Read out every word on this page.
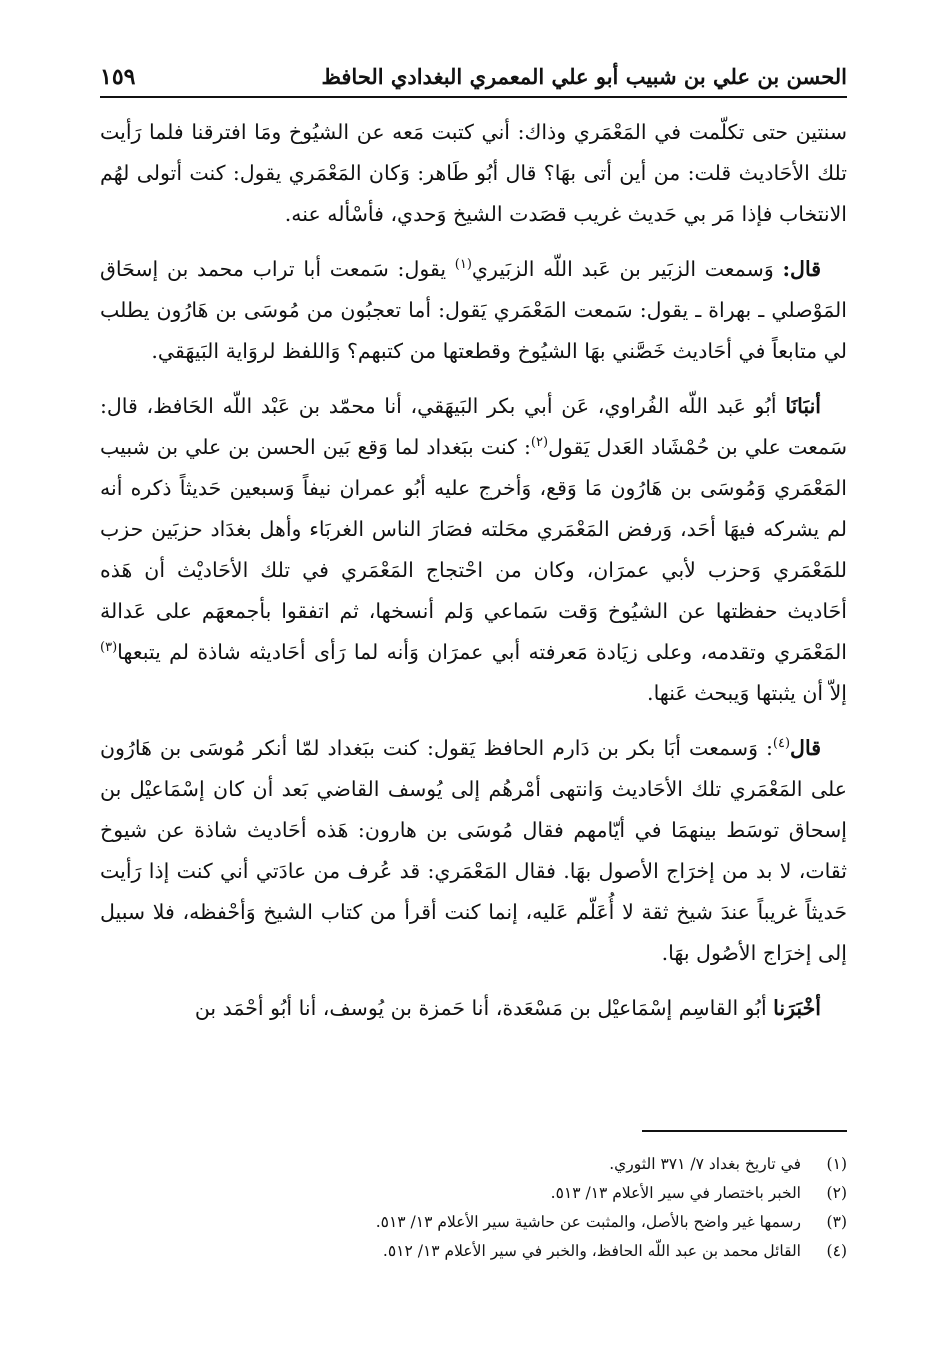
الحسن بن علي بن شبيب أبو علي المعمري البغدادي الحافظ
١٥٩

سنتين حتى تكلّمت في المَعْمَري وذاك: أني كتبت مَعه عن الشيُوخ ومَا افترقنا فلما رَأيت تلك الأحَاديث قلت: من أين أتى بهَا؟ قال أبُو طَاهر: وَكان المَعْمَري يقول: كنت أتولى لهُم الانتخاب فإذا مَر بي حَديث غريب قصَدت الشيخ وَحدي، فأسْأله عنه.

قال: وَسمعت الزبَير بن عَبد اللّه الزبَيري$^{(١)}$ يقول: سَمعت أبا تراب محمد بن إسحَاق المَوْصلي ـ بهراة ـ يقول: سَمعت المَعْمَري يَقول: أما تعجبُون من مُوسَى بن هَارُون يطلب لي متابعاً في أحَاديث خَصَّني بهَا الشيُوخ وقطعتها من كتبهم؟ وَاللفظ لروَاية البَيهَقي.

أنبَانَا أبُو عَبد اللّه الفُراوي، عَن أبي بكر البَيهَقي، أنا محمّد بن عَبْد اللّه الحَافظ، قال: سَمعت علي بن حُمْشَاد العَدل يَقول$^{(٢)}$: كنت ببَغداد لما وَقع بَين الحسن بن علي بن شبيب المَعْمَري وَمُوسَى بن هَارُون مَا وَقع، وَأخرج عليه أبُو عمران نيفاً وَسبعين حَديثاً ذكره أنه لم يشركه فيهَا أحَد، وَرفض المَعْمَري محَلته فصَارَ الناس الغربَاء وأهل بغدَاد حزبَين حزب للمَعْمَري وَحزب لأبي عمرَان، وكان من احْتجاج المَعْمَري في تلك الأحَاديْث أن هَذه أحَاديث حفظتها عن الشيُوخ وَقت سَماعي وَلم أنسخها، ثم اتفقوا بأجمعهَم على عَدالة المَعْمَري وتقدمه، وعلى زيَادة مَعرفته أبي عمرَان وَأنه لما رَأى أحَاديثه شاذة لم يتبعها$^{(٣)}$ إلاّ أن يثبتها وَيبحث عَنها.

قال$^{(٤)}$: وَسمعت أبَا بكر بن دَارم الحافظ يَقول: كنت ببَغداد لمّا أنكر مُوسَى بن هَارُون على المَعْمَري تلك الأحَاديث وَانتهى أمْرهُم إلى يُوسف القاضي بَعد أن كان إسْمَاعيْل بن إسحاق توسَط بينهمَا في أيّامهم فقال مُوسَى بن هارون: هَذه أحَاديث شاذة عن شيوخ ثقات، لا بد من إخرَاج الأصول بهَا. فقال المَعْمَري: قد عُرف من عادَتي أني كنت إذا رَأيت حَديثاً غريباً عندَ شيخ ثقة لا أُعَلّم عَليه، إنما كنت أقرأ من كتاب الشيخ وَأحْفظه، فلا سبيل إلى إخرَاج الأصُول بهَا.

أخْبَرَنا أبُو القاسِم إسْمَاعيْل بن مَسْعَدة، أنا حَمزة بن يُوسف، أنا أبُو أحْمَد بن

(١)
في تاريخ بغداد ٧/ ٣٧١ الثوري.
(٢)
الخبر باختصار في سير الأعلام ١٣/ ٥١٣.
(٣)
رسمها غير واضح بالأصل، والمثبت عن حاشية سير الأعلام ١٣/ ٥١٣.
(٤)
القائل محمد بن عبد اللّه الحافظ، والخبر في سير الأعلام ١٣/ ٥١٢.
